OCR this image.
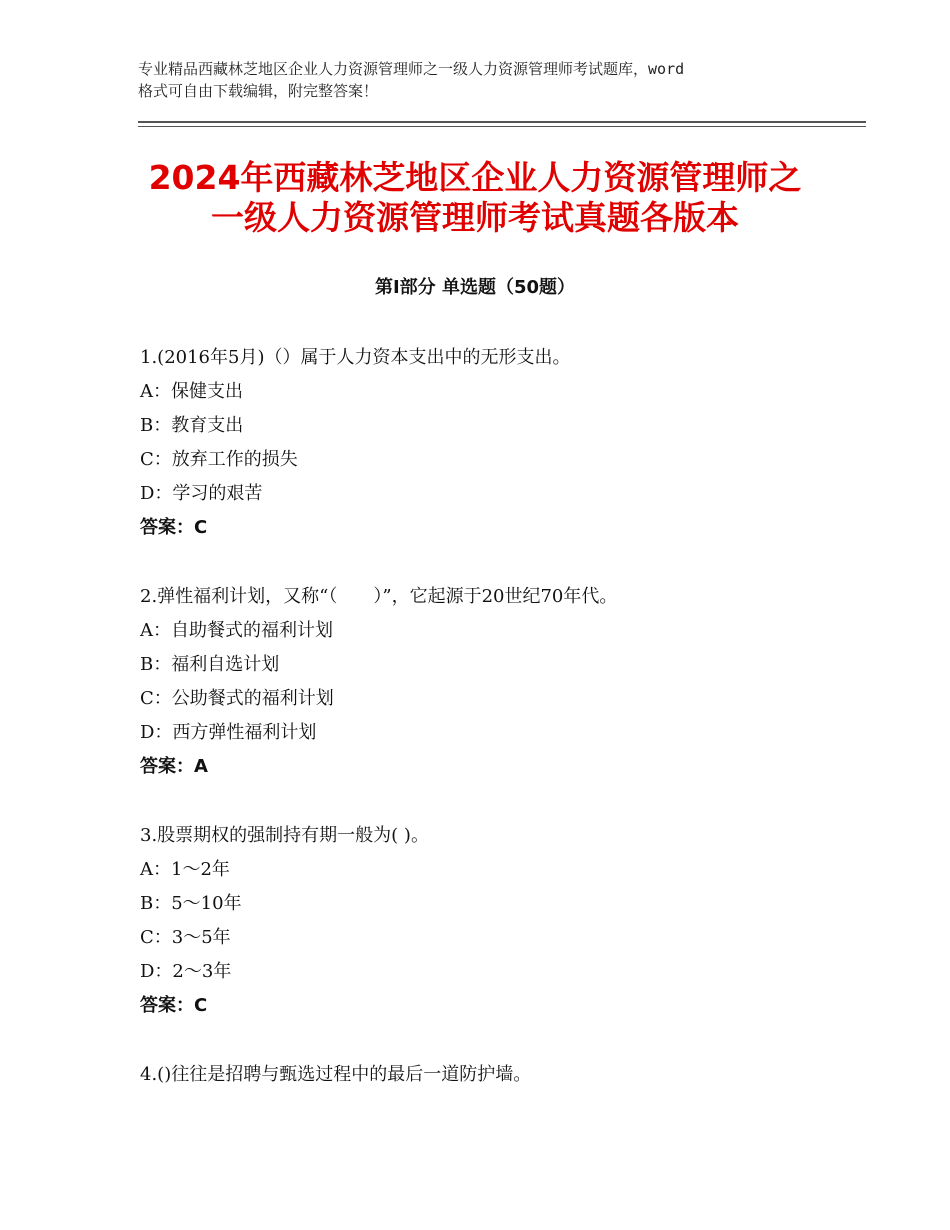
专业精品西藏林芝地区企业人力资源管理师之一级人力资源管理师考试题库，word
格式可自由下载编辑，附完整答案！
2024年西藏林芝地区企业人力资源管理师之
一级人力资源管理师考试真题各版本
第I部分 单选题（50题）
1.(2016年5月)（）属于人力资本支出中的无形支出。
A：保健支出
B：教育支出
C：放弃工作的损失
D：学习的艰苦
答案：C
2.弹性福利计划，又称“（　　）”，它起源于20世纪70年代。
A：自助餐式的福利计划
B：福利自选计划
C：公助餐式的福利计划
D：西方弹性福利计划
答案：A
3.股票期权的强制持有期一般为( )。
A：1～2年
B：5～10年
C：3～5年
D：2～3年
答案：C
4.()往往是招聘与甄选过程中的最后一道防护墙。
